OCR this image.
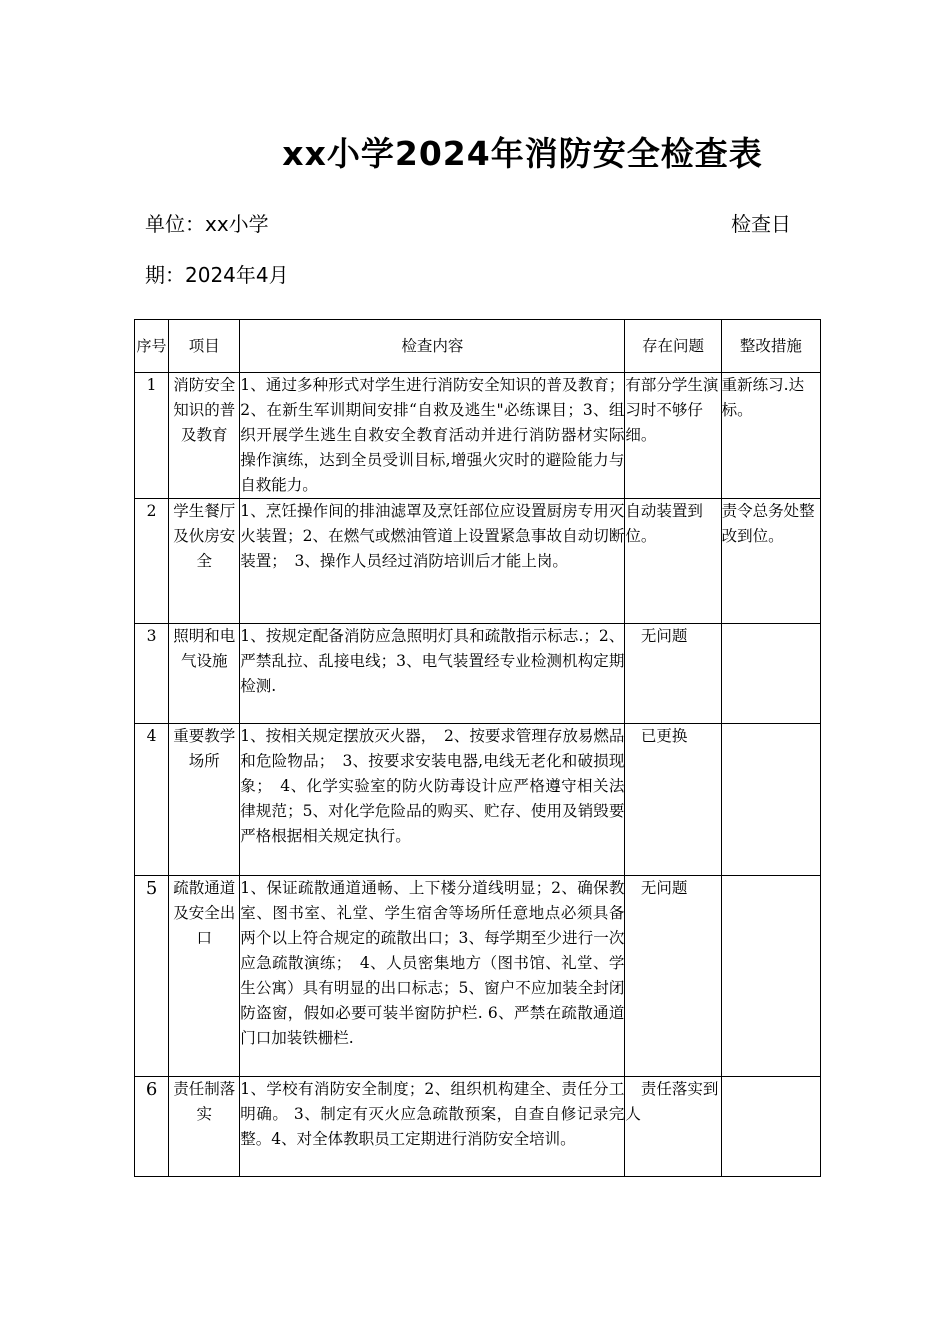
xx小学2024年消防安全检查表
单位：xx小学	检查日
期：2024年4月
序号	项目	检查内容	存在问题	整改措施
1	消防安全知识的普及教育	1、通过多种形式对学生进行消防安全知识的普及教育；2、在新生军训期间安排“自救及逃生"必练课目；3、组织开展学生逃生自救安全教育活动并进行消防器材实际操作演练，达到全员受训目标,增强火灾时的避险能力与自救能力。	有部分学生演习时不够仔细。	重新练习.达标。
2	学生餐厅及伙房安全	1、烹饪操作间的排油滤罩及烹饪部位应设置厨房专用灭火装置；2、在燃气或燃油管道上设置紧急事故自动切断装置；　3、操作人员经过消防培训后才能上岗。	自动装置到位。	责令总务处整改到位。
3	照明和电气设施	1、按规定配备消防应急照明灯具和疏散指示标志.；2、严禁乱拉、乱接电线；3、电气装置经专业检测机构定期检测.	　无问题	
4	重要教学场所	1、按相关规定摆放灭火器，　2、按要求管理存放易燃品和危险物品；　3、按要求安装电器,电线无老化和破损现象；　4、化学实验室的防火防毒设计应严格遵守相关法律规范；5、对化学危险品的购买、贮存、使用及销毁要严格根据相关规定执行。	　已更换	
5	疏散通道及安全出口	1、保证疏散通道通畅、上下楼分道线明显；2、确保教室、图书室、礼堂、学生宿舍等场所任意地点必须具备两个以上符合规定的疏散出口；3、每学期至少进行一次应急疏散演练；　4、人员密集地方（图书馆、礼堂、学生公寓）具有明显的出口标志；5、窗户不应加装全封闭防盗窗，假如必要可装半窗防护栏. 6、严禁在疏散通道门口加装铁栅栏.	　无问题	
6	责任制落实	1、学校有消防安全制度；2、组织机构建全、责任分工明确。 3、制定有灭火应急疏散预案，自查自修记录完整。4、对全体教职员工定期进行消防安全培训。	　责任落实到人	
